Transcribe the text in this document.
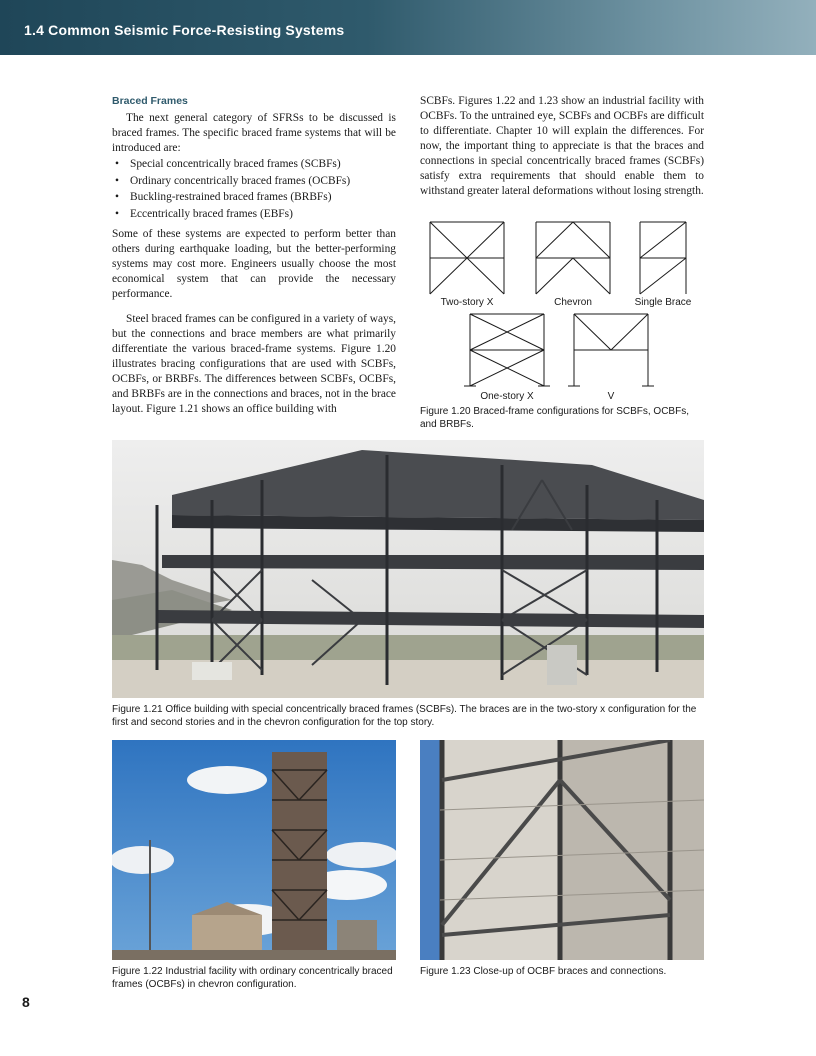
1.4 Common Seismic Force-Resisting Systems
Braced Frames

The next general category of SFRSs to be discussed is braced frames. The specific braced frame systems that will be introduced are:

• Special concentrically braced frames (SCBFs)
• Ordinary concentrically braced frames (OCBFs)
• Buckling-restrained braced frames (BRBFs)
• Eccentrically braced frames (EBFs)

Some of these systems are expected to perform better than others during earthquake loading, but the better-performing systems may cost more. Engineers usually choose the most economical system that can provide the necessary performance.

Steel braced frames can be configured in a variety of ways, but the connections and brace members are what primarily differentiate the various braced-frame systems. Figure 1.20 illustrates bracing configurations that are used with SCBFs, OCBFs, or BRBFs. The differences between SCBFs, OCBFs, and BRBFs are in the connections and braces, not in the brace layout. Figure 1.21 shows an office building with

SCBFs. Figures 1.22 and 1.23 show an industrial facility with OCBFs. To the untrained eye, SCBFs and OCBFs are difficult to differentiate. Chapter 10 will explain the differences. For now, the important thing to appreciate is that the braces and connections in special concentrically braced frames (SCBFs) satisfy extra requirements that should enable them to withstand greater lateral deformations without losing strength.

Two-story X	Chevron	Single Brace
One-story X	V
Figure 1.20 Braced-frame configurations for SCBFs, OCBFs, and BRBFs.
Figure 1.21 Office building with special concentrically braced frames (SCBFs). The braces are in the two-story x configuration for the first and second stories and in the chevron configuration for the top story.
Figure 1.22 Industrial facility with ordinary concentrically braced frames (OCBFs) in chevron configuration.
Figure 1.23 Close-up of OCBF braces and connections.
8
